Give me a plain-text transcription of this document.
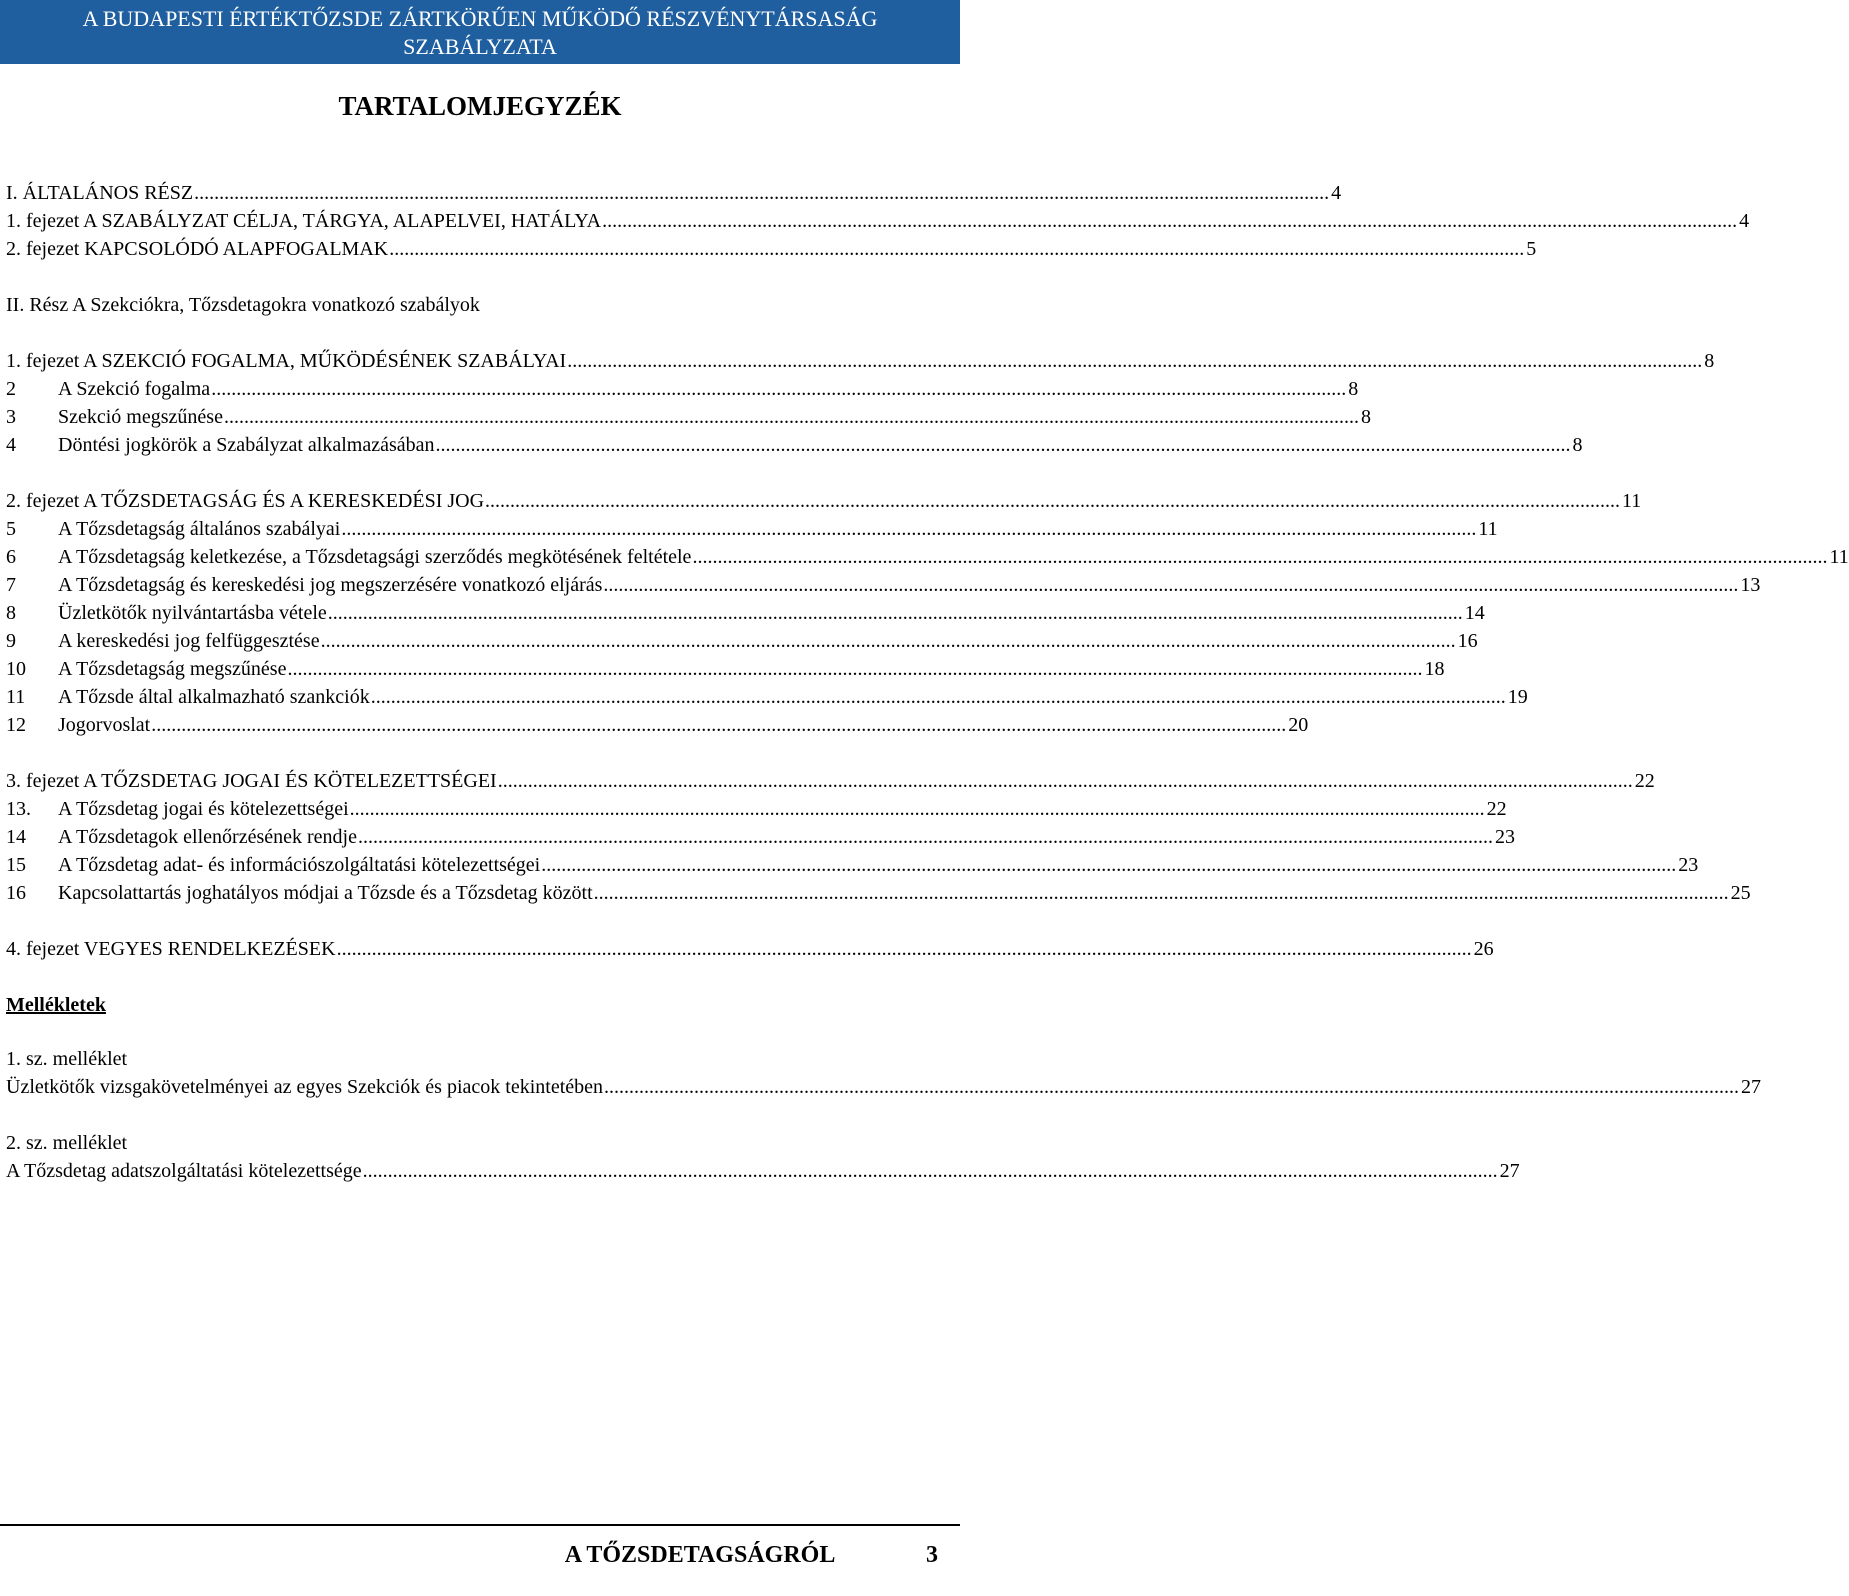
A BUDAPESTI ÉRTÉKTŐZSDE ZÁRTKÖRŰEN MŰKÖDŐ RÉSZVÉNYTÁRSASÁG
SZABÁLYZATA
TARTALOMJEGYZÉK
I. ÁLTALÁNOS RÉSZ .....	4
1. fejezet A SZABÁLYZAT CÉLJA, TÁRGYA, ALAPELVEI, HATÁLYA .....	4
2. fejezet KAPCSOLÓDÓ ALAPFOGALMAK .....	5
II. Rész A Szekciókra, Tőzsdetagokra vonatkozó szabályok
1. fejezet A SZEKCIÓ FOGALMA, MŰKÖDÉSÉNEK SZABÁLYAI .....	8
2	A Szekció fogalma .....	8
3	Szekció megszűnése .....	8
4	Döntési jogkörök a Szabályzat alkalmazásában .....	8
2. fejezet A TŐZSDETAGSÁG ÉS A KERESKEDÉSI JOG .....	11
5	A Tőzsdetagság általános szabályai .....	11
6	A Tőzsdetagság keletkezése, a Tőzsdetagsági szerződés megkötésének feltétele .....	11
7	A Tőzsdetagság és kereskedési jog megszerzésére vonatkozó eljárás .....	13
8	Üzletkötők nyilvántartásba vétele .....	14
9	A kereskedési jog felfüggesztése .....	16
10	A Tőzsdetagság megszűnése .....	18
11	A Tőzsde által alkalmazható szankciók .....	19
12	Jogorvoslat .....	20
3. fejezet A TŐZSDETAG JOGAI ÉS KÖTELEZETTSÉGEI .....	22
13.	A Tőzsdetag jogai és kötelezettségei .....	22
14	A Tőzsdetagok ellenőrzésének rendje .....	23
15	A Tőzsdetag adat- és információszolgáltatási kötelezettségei .....	23
16	Kapcsolattartás joghatályos módjai a Tőzsde és a Tőzsdetag között .....	25
4. fejezet VEGYES RENDELKEZÉSEK .....	26
Mellékletek
1. sz. melléklet
Üzletkötők vizsgakövetelményei az egyes Szekciók és piacok tekintetében .....	27
2. sz. melléklet
A Tőzsdetag adatszolgáltatási kötelezettsége .....	27
A TŐZSDETAGSÁGRÓL	3
